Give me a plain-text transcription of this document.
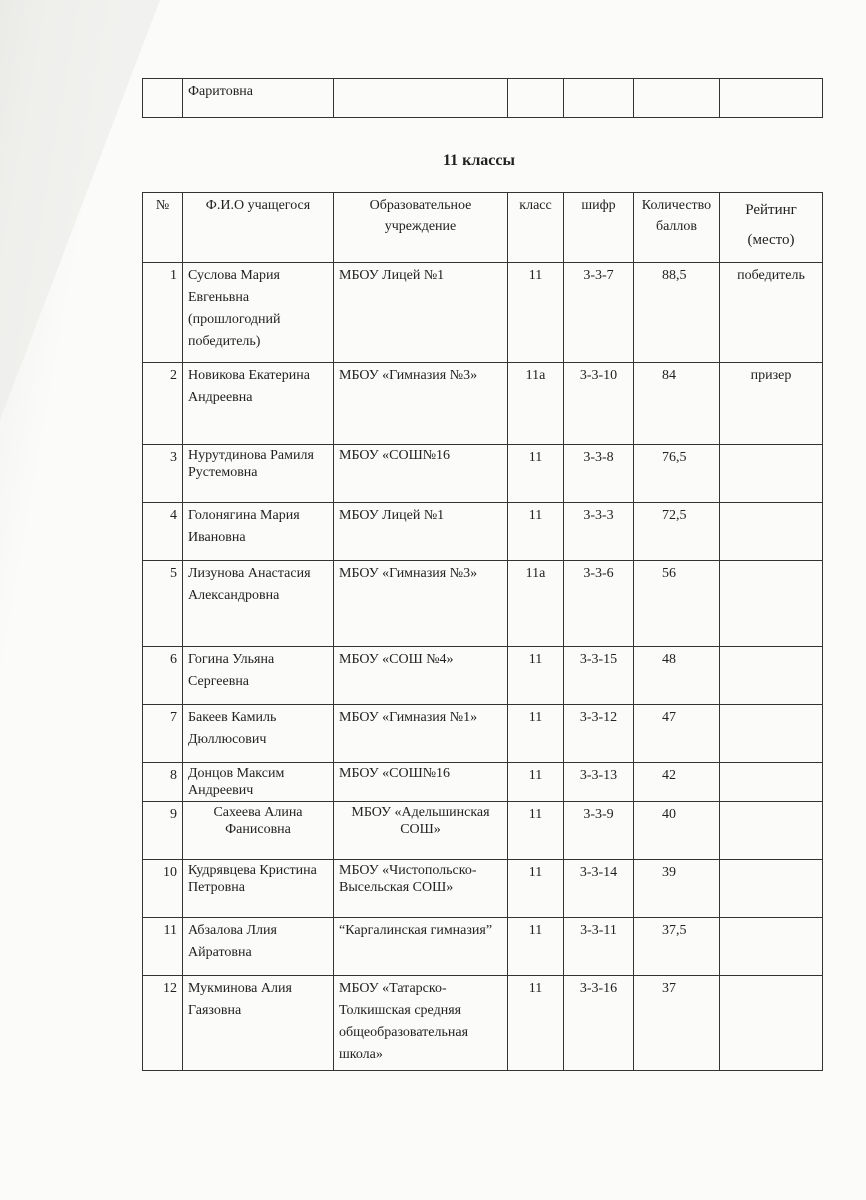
	Фаритовна					
11 классы
№	Ф.И.О учащегося	Образовательное учреждение	класс	шифр	Количество баллов	Рейтинг (место)
1	Суслова Мария Евгеньвна (прошлогодний победитель)	МБОУ Лицей №1	11	3-3-7	88,5	победитель
2	Новикова Екатерина Андреевна	МБОУ «Гимназия №3»	11а	3-3-10	84	призер
3	Нурутдинова Рамиля Рустемовна	МБОУ «СОШ№16	11	3-3-8	76,5	
4	Голонягина Мария Ивановна	МБОУ Лицей №1	11	3-3-3	72,5	
5	Лизунова Анастасия Александровна	МБОУ «Гимназия №3»	11а	3-3-6	56	
6	Гогина Ульяна Сергеевна	МБОУ «СОШ №4»	11	3-3-15	48	
7	Бакеев Камиль Дюллюсович	МБОУ «Гимназия №1»	11	3-3-12	47	
8	Донцов Максим Андреевич	МБОУ «СОШ№16	11	3-3-13	42	
9	Сахеева Алина Фанисовна	МБОУ «Адельшинская СОШ»	11	3-3-9	40	
10	Кудрявцева Кристина Петровна	МБОУ «Чистопольско-Высельская СОШ»	11	3-3-14	39	
11	Абзалова Ллия Айратовна	“Каргалинская гимназия”	11	3-3-11	37,5	
12	Мукминова Алия Гаязовна	МБОУ «Татарско-Толкишская средняя общеобразовательная школа»	11	3-3-16	37	
